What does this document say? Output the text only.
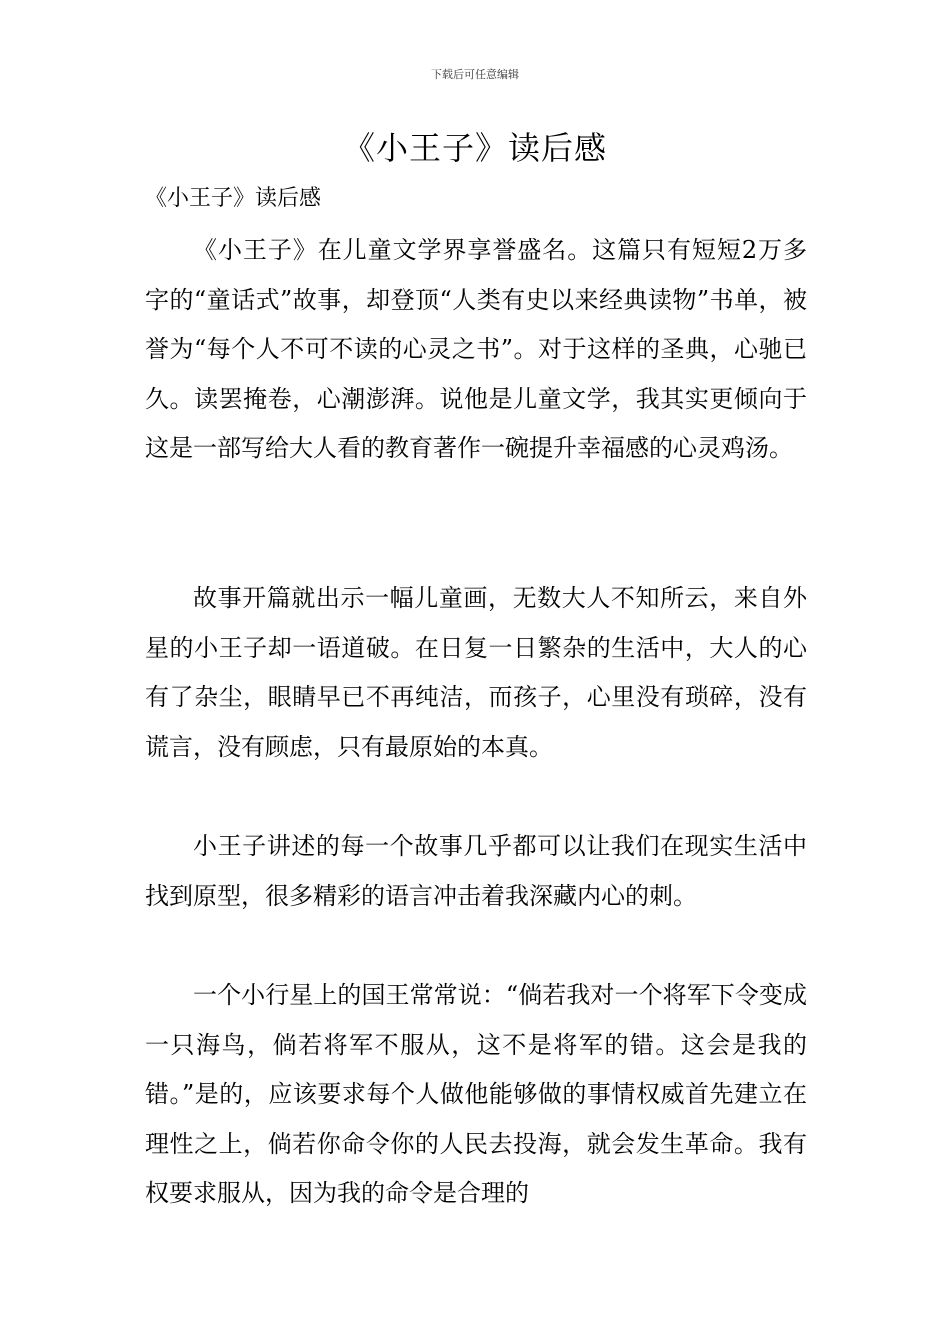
下载后可任意编辑
《小王子》读后感
《小王子》读后感

《小王子》在儿童文学界享誉盛名。这篇只有短短2万多字的“童话式”故事，却登顶“人类有史以来经典读物”书单，被誉为“每个人不可不读的心灵之书”。对于这样的圣典，心驰已久。读罢掩卷，心潮澎湃。说他是儿童文学，我其实更倾向于这是一部写给大人看的教育著作一碗提升幸福感的心灵鸡汤。

故事开篇就出示一幅儿童画，无数大人不知所云，来自外星的小王子却一语道破。在日复一日繁杂的生活中，大人的心有了杂尘，眼睛早已不再纯洁，而孩子，心里没有琐碎，没有谎言，没有顾虑，只有最原始的本真。

小王子讲述的每一个故事几乎都可以让我们在现实生活中找到原型，很多精彩的语言冲击着我深藏内心的刺。

一个小行星上的国王常常说：“倘若我对一个将军下令变成一只海鸟，倘若将军不服从，这不是将军的错。这会是我的错。”是的，应该要求每个人做他能够做的事情权威首先建立在理性之上，倘若你命令你的人民去投海，就会发生革命。我有权要求服从，因为我的命令是合理的
